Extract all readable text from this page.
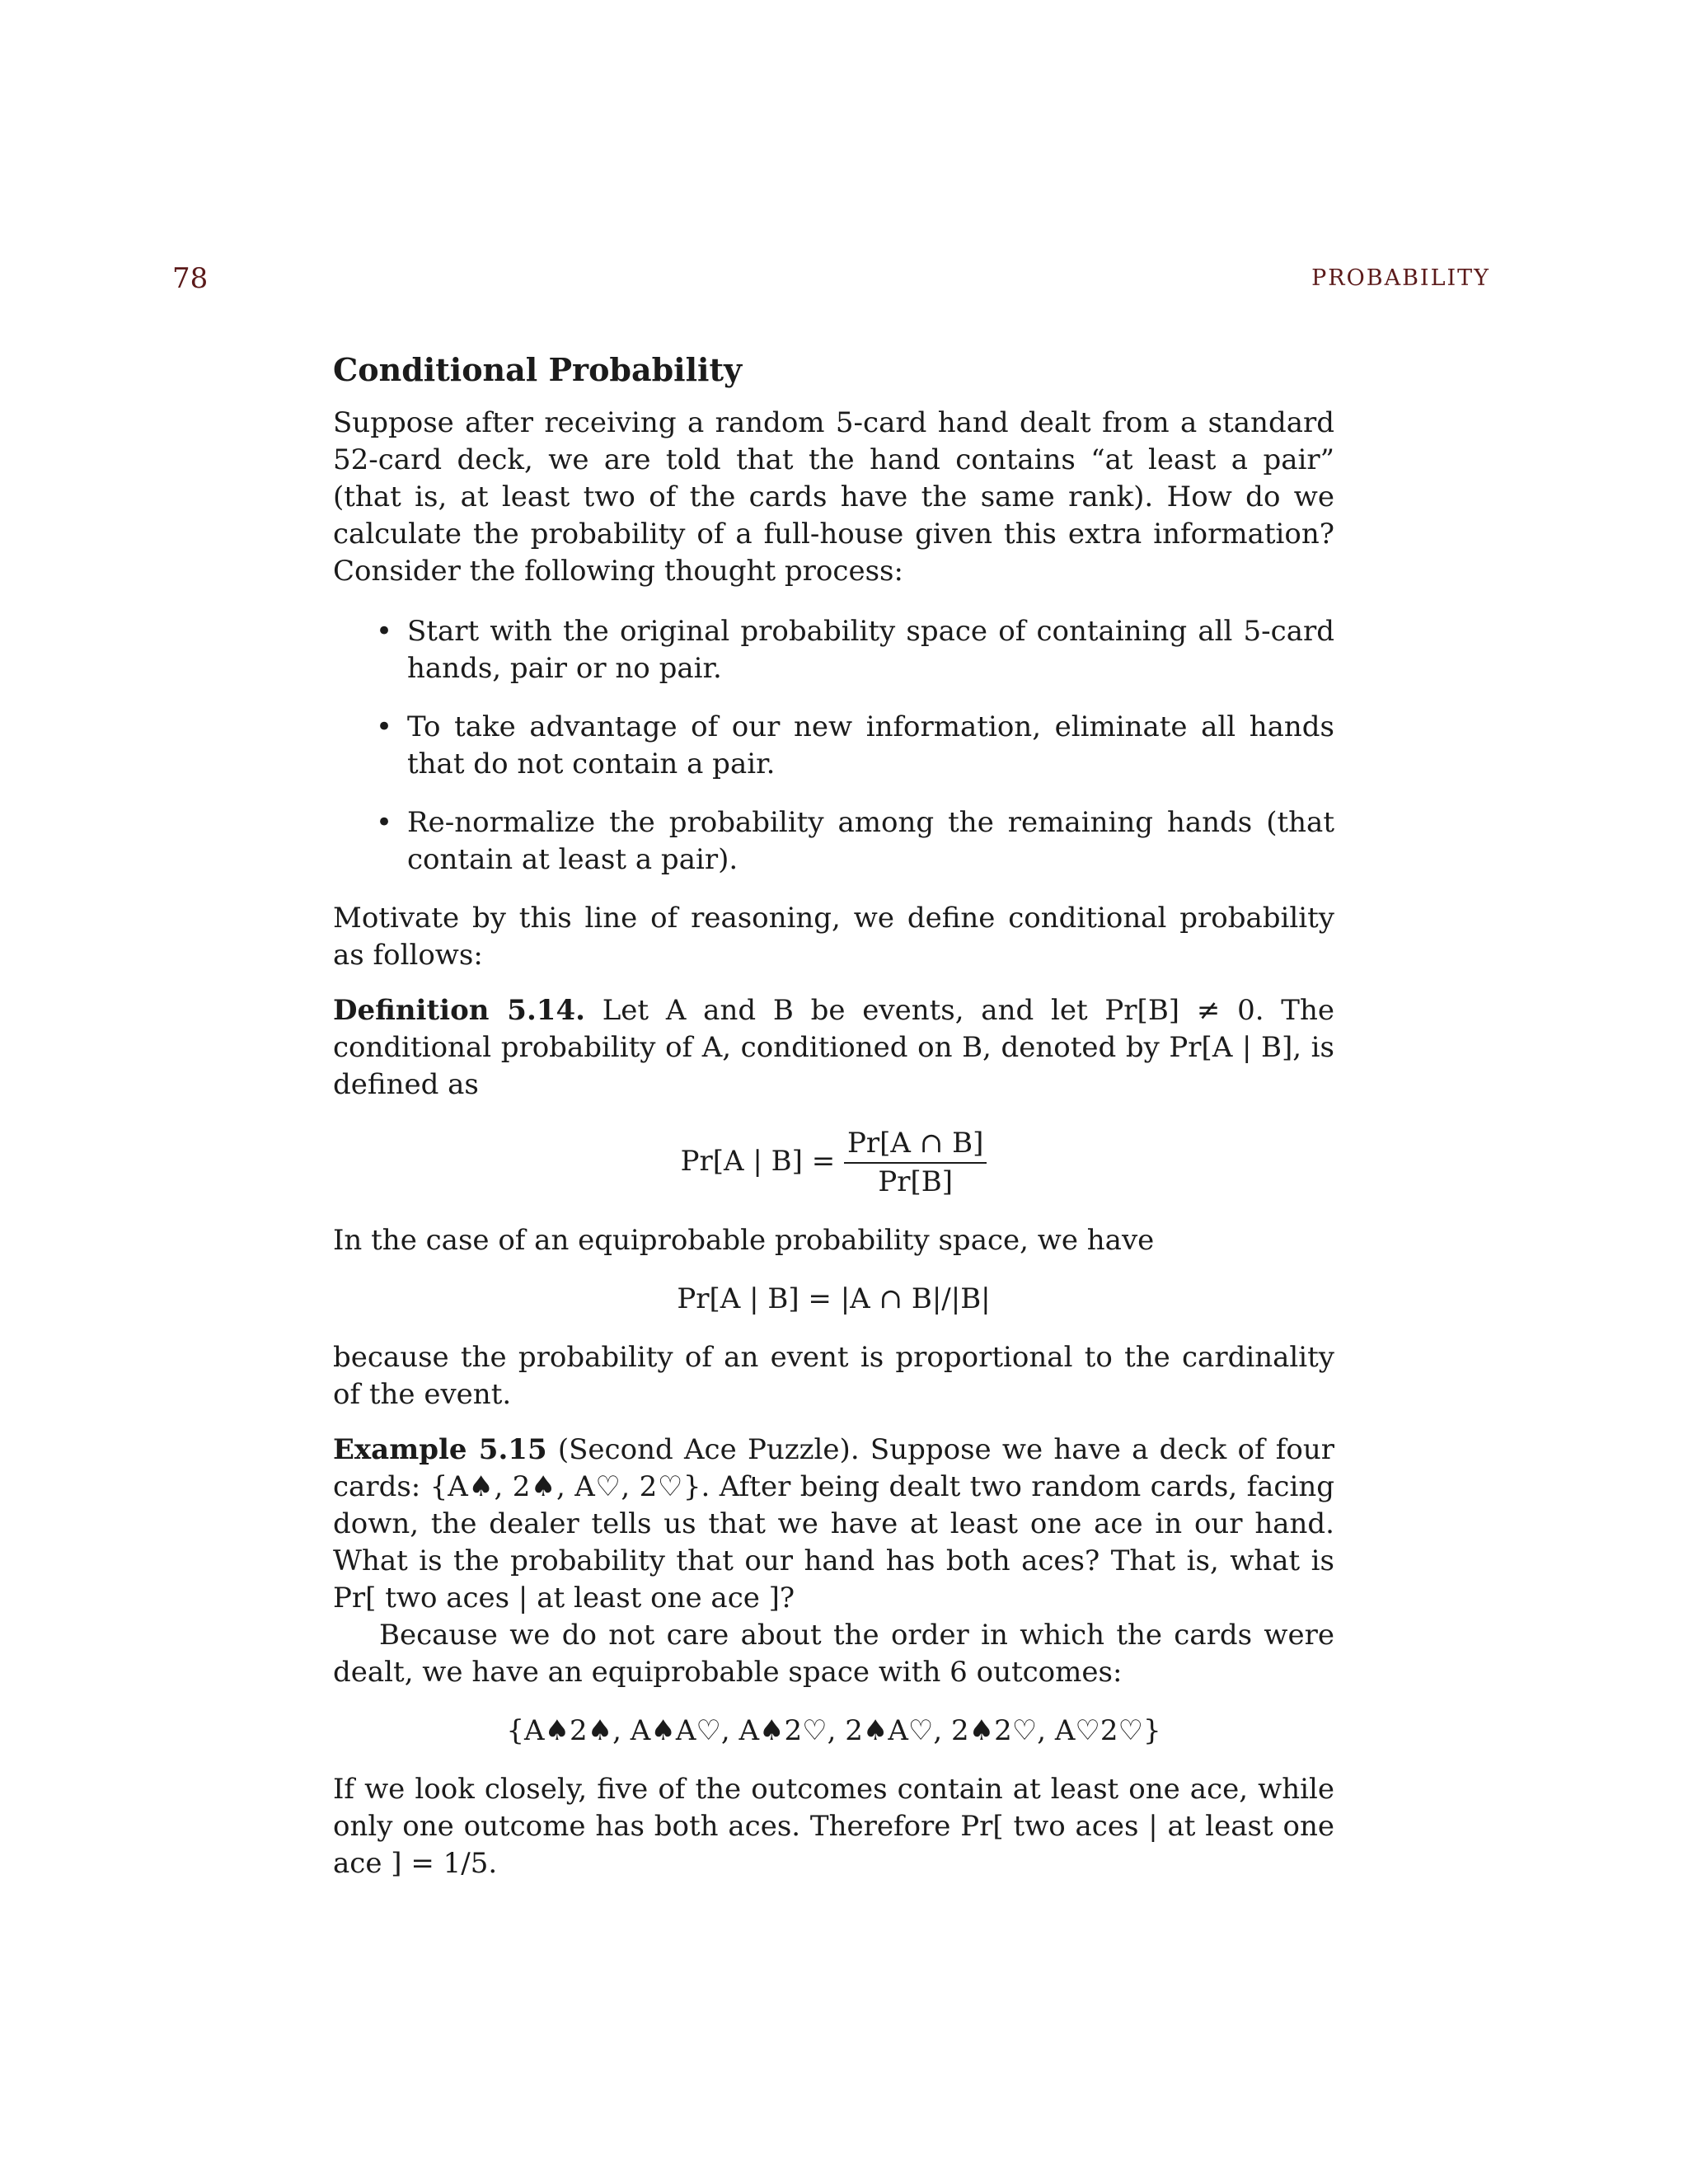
78	PROBABILITY
Conditional Probability

Suppose after receiving a random 5-card hand dealt from a standard 52-card deck, we are told that the hand contains “at least a pair” (that is, at least two of the cards have the same rank). How do we calculate the probability of a full-house given this extra information? Consider the following thought process:

• Start with the original probability space of containing all 5-card hands, pair or no pair.
• To take advantage of our new information, eliminate all hands that do not contain a pair.
• Re-normalize the probability among the remaining hands (that contain at least a pair).

Motivate by this line of reasoning, we define conditional probability as follows:

Definition 5.14. Let A and B be events, and let Pr[B] ≠ 0. The conditional probability of A, conditioned on B, denoted by Pr[A | B], is defined as

Pr[A | $B] = \frac{Pr[A \cap B]}{Pr[B]}$

In the case of an equiprobable probability space, we have

Pr[A | B] = |A ∩ B|/|B|

because the probability of an event is proportional to the cardinality of the event.

Example 5.15 (Second Ace Puzzle). Suppose we have a deck of four cards: {A♠, 2♠, A♡, 2♡}. After being dealt two random cards, facing down, the dealer tells us that we have at least one ace in our hand. What is the probability that our hand has both aces? That is, what is Pr[ two aces | at least one ace ]?

Because we do not care about the order in which the cards were dealt, we have an equiprobable space with 6 outcomes:

{A♠2♠, A♠A♡, A♠2♡, 2♠A♡, 2♠2♡, A♡2♡}

If we look closely, five of the outcomes contain at least one ace, while only one outcome has both aces. Therefore Pr[ two aces | at least one ace ] = 1/5.
